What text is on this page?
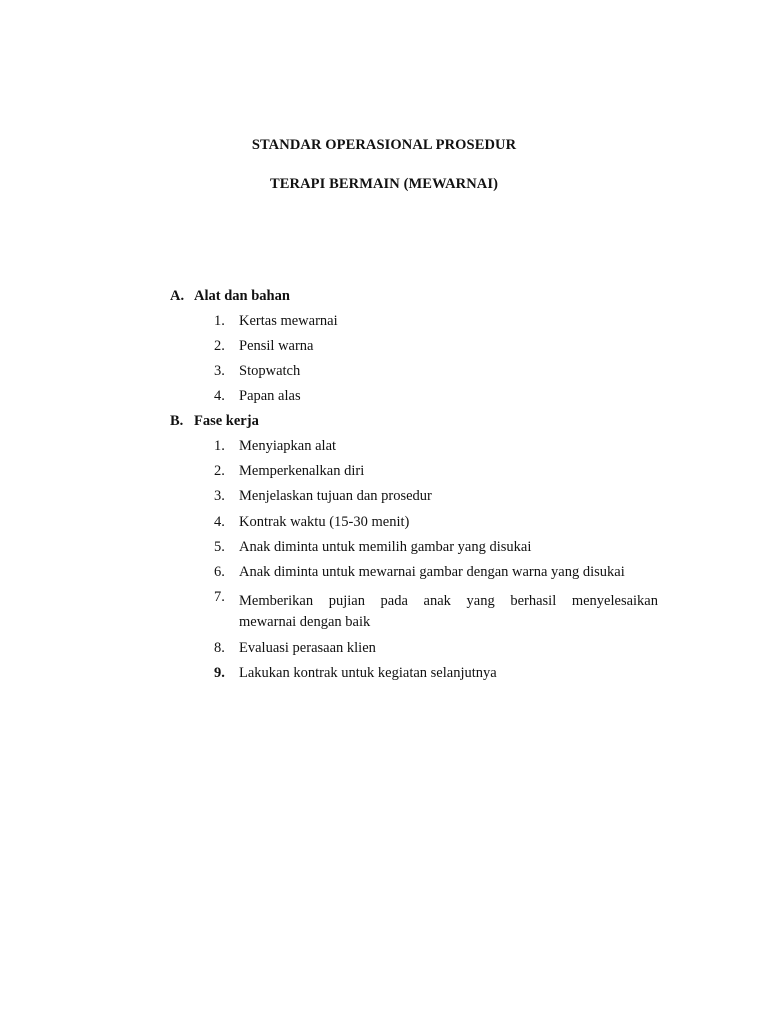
STANDAR OPERASIONAL PROSEDUR
TERAPI BERMAIN (MEWARNAI)
A. Alat dan bahan
1. Kertas mewarnai
2. Pensil warna
3. Stopwatch
4. Papan alas
B. Fase kerja
1. Menyiapkan alat
2. Memperkenalkan diri
3. Menjelaskan tujuan dan prosedur
4. Kontrak waktu (15-30 menit)
5. Anak diminta untuk memilih gambar yang disukai
6. Anak diminta untuk mewarnai gambar dengan warna yang disukai
7. Memberikan pujian pada anak yang berhasil menyelesaikan
mewarnai dengan baik
8. Evaluasi perasaan klien
9. Lakukan kontrak untuk kegiatan selanjutnya
